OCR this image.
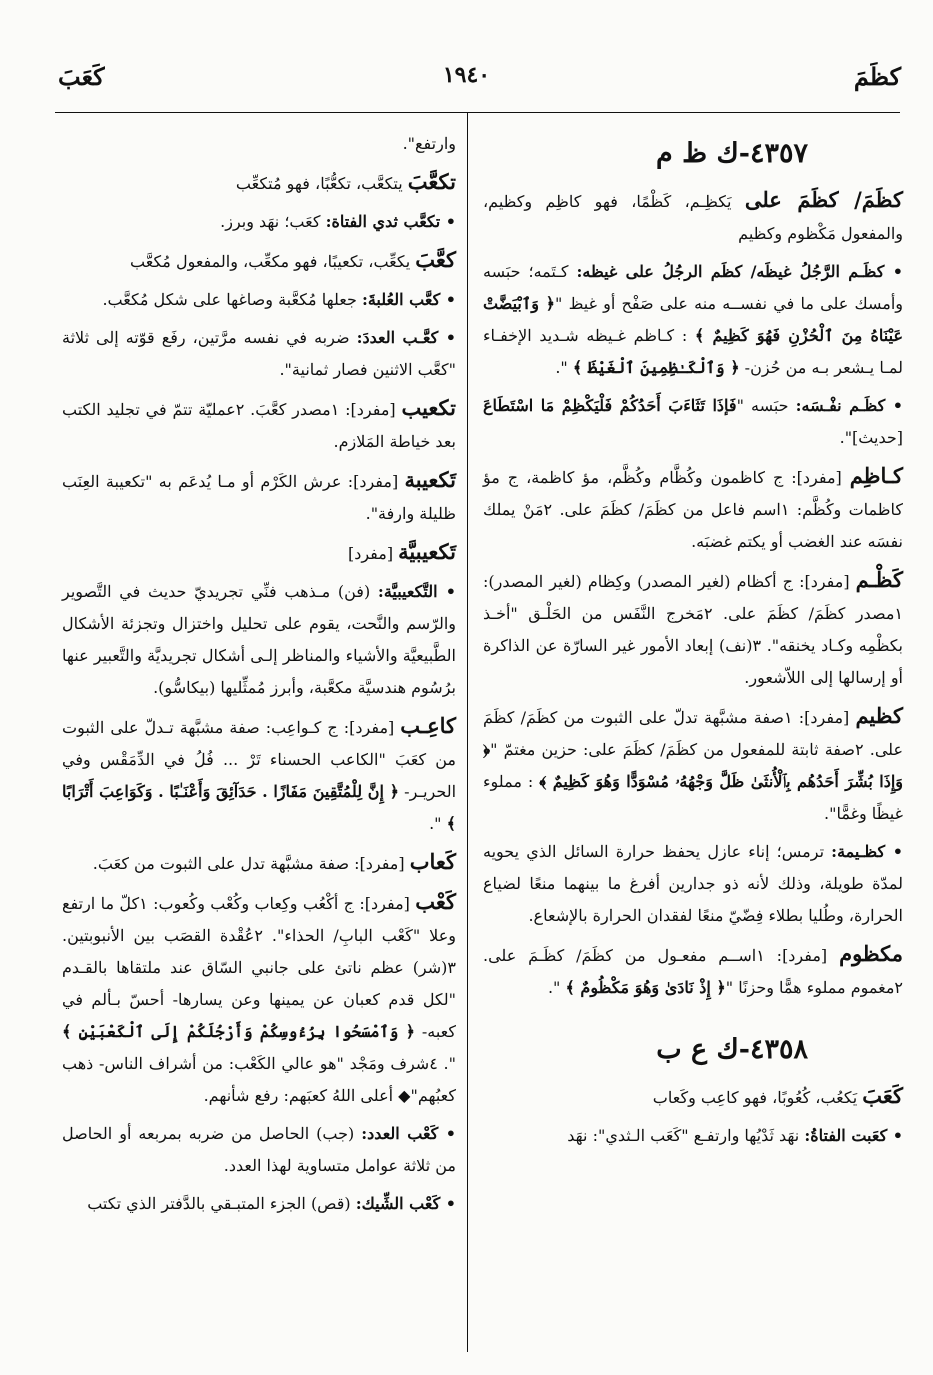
كظَمَ
١٩٤٠
كَعَبَ
٤٣٥٧-ك ظ م

كظَمَ/ كظَمَ على يَكظِـم، كَظْمًا، فهو كاظِم وكظيم، والمفعول مَكْظوم وكظيم

• كظَـم الرَّجُلُ غيظَه/ كظَم الرجُلُ على غيظه: كـتَمه؛ حبَسه وأمسك على ما في نفســه منه على صَفْح أو غيظ "﴿ وَٱبْيَضَّتْ عَيْنَاهُ مِنَ ٱلْحُزْنِ فَهُوَ كَظِيمٌ ﴾ : كـاظم غـيظه شـديد الإخفـاء لمـا يـشعر بـه من حُزن- ﴿ وَٱلْكَـٰظِمِينَ ٱلْغَيْظَ ﴾ ".

• كظَـم نفْـسَه: حبَسه "فَإذَا تَثَاءَبَ أَحَدُكُمْ فَلْيَكْظِمْ مَا اسْتَطَاعَ [حديث]".

كـاظِم [مفرد]: ج كاظمون وكُظَّام وكُظَّم، مؤ كاظمة، ج مؤ كاظمات وكُظَّم: ١اسم فاعل من كظَمَ/ كظَمَ على. ٢مَنْ يملك نفسَه عند الغضب أو يكتم غضبَه.

كَظْـم [مفرد]: ج أكظام (لغير المصدر) وكِظام (لغير المصدر): ١مصدر كظَمَ/ كظَمَ على. ٢مَخرج النَّفَس من الحَلْـق "أخـذ بكظْمِه وكـاد يخنقه". ٣(نف) إبعاد الأمور غير السارّة عن الذاكرة أو إرسالها إلى اللاّشعور.

كظيم [مفرد]: ١صفة مشبَّهة تدلّ على الثبوت من كظَمَ/ كظَمَ على. ٢صفة ثابتة للمفعول من كظَمَ/ كظَمَ على: حزين مغتمّ "﴿ وَإِذَا بُشِّرَ أَحَدُهُم بِٱلْأُنثَىٰ ظَلَّ وَجْهُهُۥ مُسْوَدًّا وَهُوَ كَظِيمٌ ﴾ : مملوء غيظًا وغمًّا".

• كظـيمة: ترمس؛ إناء عازل يحفظ حرارة السائل الذي يحويه لمدّة طويلة، وذلك لأنه ذو جدارين أفرغ ما بينهما منعًا لضياع الحرارة، وطُليا بطلاء فِضّيّ منعًا لفقدان الحرارة بالإشعاع.

مكظوم [مفرد]: ١اســم مفعـول من كظَمَ/ كظَـمَ على. ٢مغموم مملوء همًّا وحزنًا "﴿ إِذْ نَادَىٰ وَهُوَ مَكْظُومٌ ﴾ ".

٤٣٥٨-ك ع ب

كَعَبَ يَكعُب، كُعُوبًا، فهو كاعِب وكَعاب

• كعَبت الفتاةُ: نهَد ثَدْيُها وارتفـع "كَعَب الـثدي": نهَد

وارتفع".

تكعَّبَ يتكعَّب، تكعُّبًا، فهو مُتكعِّب

• تكعَّب ثدي الفتاة: كعَب؛ نهَد وبرز.

كعَّبَ يكعِّب، تكعيبًا، فهو مكعِّب، والمفعول مُكعَّب

• كعَّب العُلبةَ: جعلها مُكعَّبة وصاغها على شكل مُكعَّب.

• كعَّـب العددَ: ضربه في نفسه مرَّتين، رفَع قوّته إلى ثلاثة "كعَّب الاثنين فصار ثمانية".

تكعيب [مفرد]: ١مصدر كعَّبَ. ٢عمليّة تتمّ في تجليد الكتب بعد خياطة المَلازم.

تَكعيبة [مفرد]: عرش الكَرْم أو مـا يُدعَم به "تكعيبة العِنَب ظليلة وارفة".

تَكعيبيَّة [مفرد]

• التَّكعيبيَّة: (فن) مـذهب فنِّي تجريديّ حديث في التَّصوير والرّسم والنَّحت، يقوم على تحليل واختزال وتجزئة الأشكال الطَّبيعيَّة والأشياء والمناظر إلـى أشكال تجريديَّة والتَّعبير عنها برُسُوم هندسيَّة مكعَّبة، وأبرز مُمثِّليها (بيكاسُّو).

كاعِـب [مفرد]: ج كـواعِب: صفة مشبَّهة تـدلّ على الثبوت من كعَبَ "الكاعب الحسناء تَرْ ... فُلُ في الدِّمَقْس وفي الحريـر- ﴿ إِنَّ لِلْمُتَّقِينَ مَفَازًا . حَدَآئِقَ وَأَعْنَـٰبًا . وَكَوَاعِبَ أَتْرَابًا ﴾ ".

كَعاب [مفرد]: صفة مشبَّهة تدل على الثبوت من كعَبَ.

كَعْب [مفرد]: ج أكْعُب وكِعاب وكُعْب وكُعوب: ١كلّ ما ارتفع وعلا "كَعْب البابِ/ الحذاء". ٢عُقْدة القصَب بين الأنبوبتين. ٣(شر) عظم ناتئ على جانبي السّاق عند ملتقاها بالقـدم "لكل قدم كعبان عن يمينها وعن يسارها- أحسّ بـألم في كعبه- ﴿ وَٱمْسَحُوا بِرُءُوسِكُمْ وَأَرْجُلَكُمْ إِلَى ٱلْكَعْبَيْنِ ﴾ ". ٤شرف ومَجْد "هو عالي الكَعْب: من أشراف الناس- ذهب كعبُهم"◆ أعلى اللهُ كعبَهم: رفع شأنهم.

• كَعْب العدد: (جب) الحاصل من ضربه بمربعه أو الحاصل من ثلاثة عوامل متساوية لهذا العدد.

• كَعْب الشِّيك: (قص) الجزء المتبـقي بالدَّفتر الذي تكتب
